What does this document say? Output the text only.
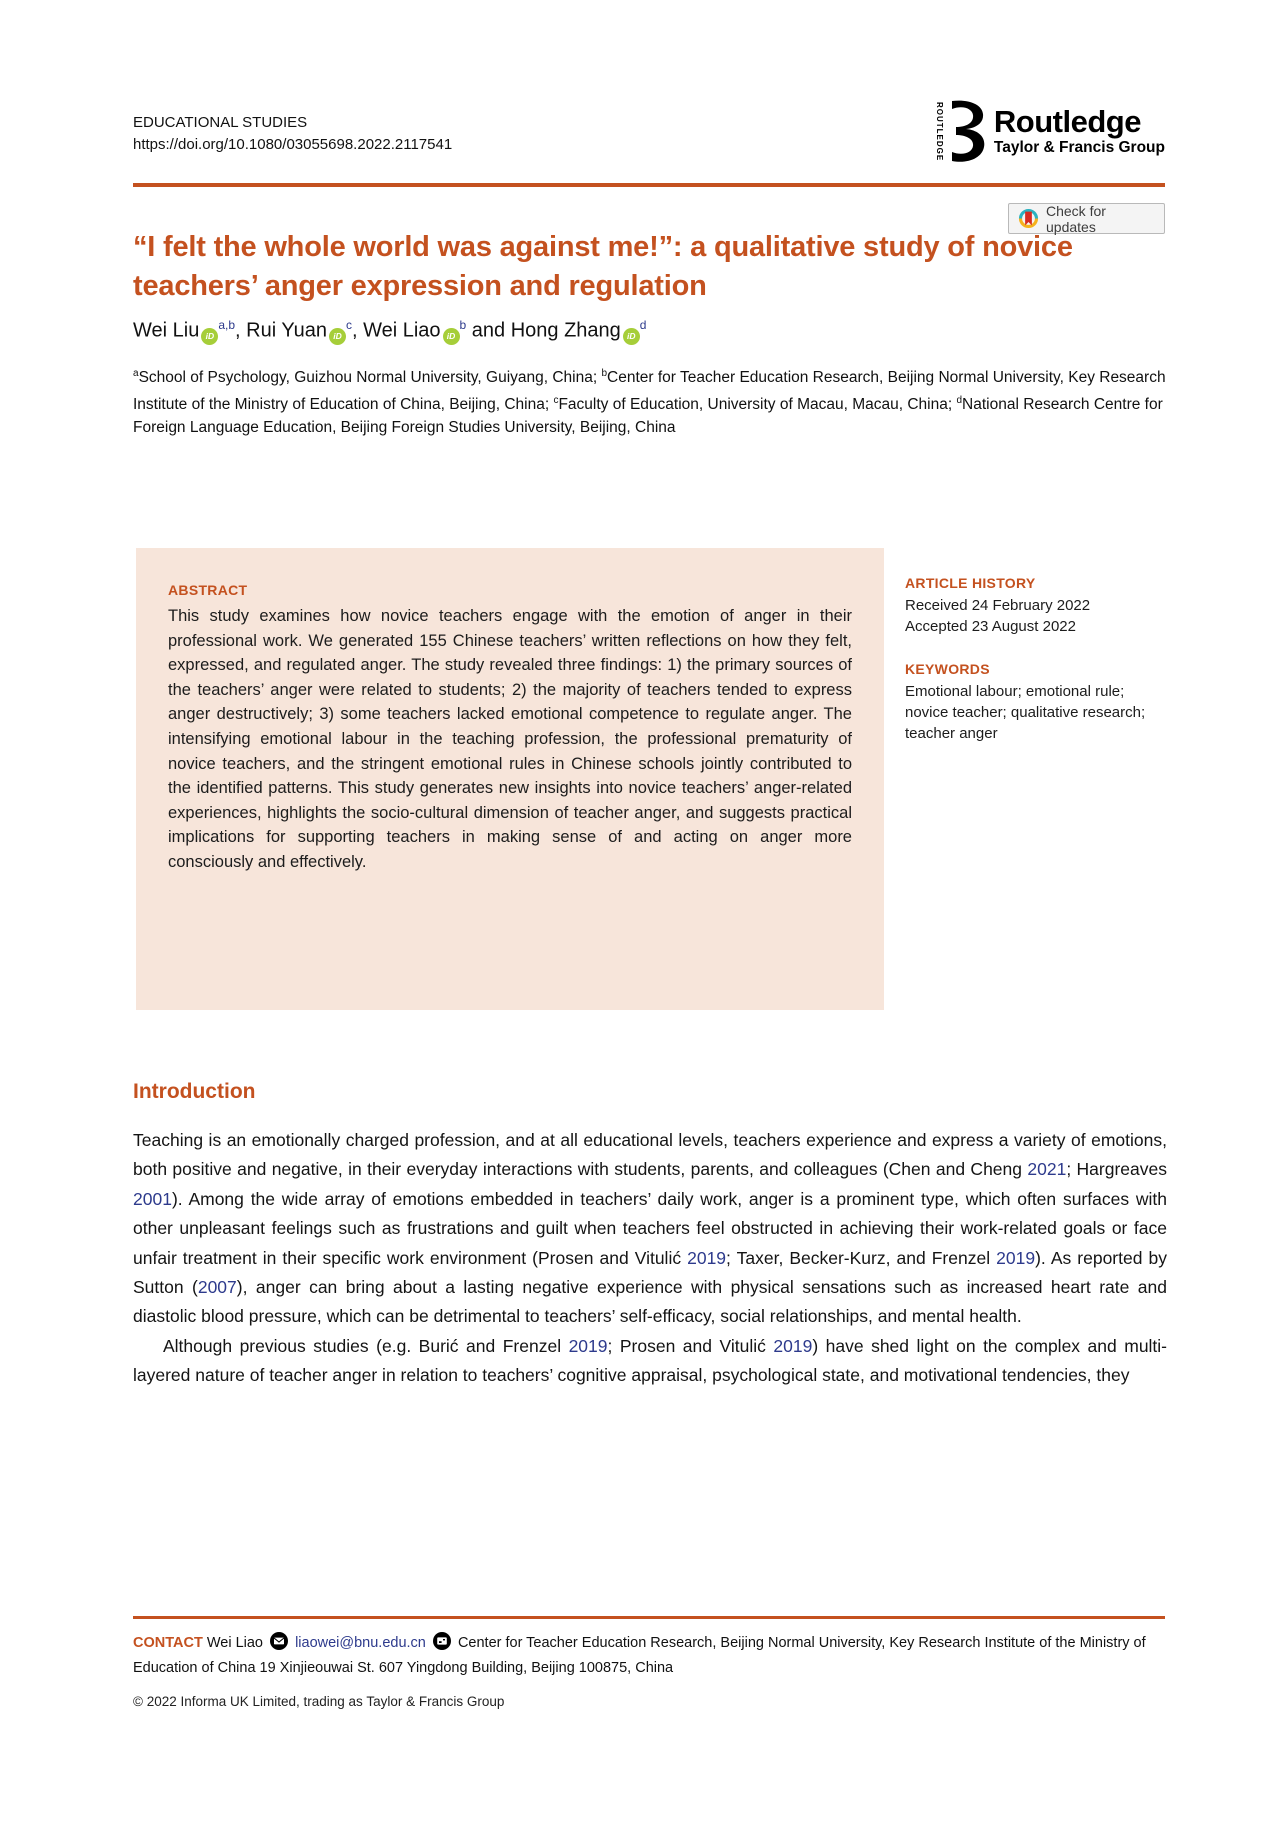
EDUCATIONAL STUDIES
https://doi.org/10.1080/03055698.2022.2117541	ROUTLEDGE Routledge
Taylor & Francis Group
Check for updates
“I felt the whole world was against me!”: a qualitative study of novice teachers’ anger expression and regulation
Wei Liu iD$^{a,b}$, Rui Yuan $iD^c$, Wei Liao $iD^b$ and Hong Zhang $iD^d$
$^a$School of Psychology, Guizhou Normal University, Guiyang, China; $^b$Center for Teacher Education Research, Beijing Normal University, Key Research Institute of the Ministry of Education of China, Beijing, China; $^c$Faculty of Education, University of Macau, Macau, China; $^d$National Research Centre for Foreign Language Education, Beijing Foreign Studies University, Beijing, China
ABSTRACT
This study examines how novice teachers engage with the emotion of anger in their professional work. We generated 155 Chinese teachers’ written reflections on how they felt, expressed, and regulated anger. The study revealed three findings: 1) the primary sources of the teachers’ anger were related to students; 2) the majority of teachers tended to express anger destructively; 3) some teachers lacked emotional competence to regulate anger. The intensifying emotional labour in the teaching profession, the professional prematurity of novice teachers, and the stringent emotional rules in Chinese schools jointly contributed to the identified patterns. This study generates new insights into novice teachers’ anger-related experiences, highlights the socio-cultural dimension of teacher anger, and suggests practical implications for supporting teachers in making sense of and acting on anger more consciously and effectively.
ARTICLE HISTORY
Received 24 February 2022
Accepted 23 August 2022
KEYWORDS
Emotional labour; emotional rule; novice teacher; qualitative research; teacher anger
Introduction

Teaching is an emotionally charged profession, and at all educational levels, teachers experience and express a variety of emotions, both positive and negative, in their everyday interactions with students, parents, and colleagues (Chen and Cheng 2021; Hargreaves 2001). Among the wide array of emotions embedded in teachers’ daily work, anger is a prominent type, which often surfaces with other unpleasant feelings such as frustrations and guilt when teachers feel obstructed in achieving their work-related goals or face unfair treatment in their specific work environment (Prosen and Vitulić 2019; Taxer, Becker-Kurz, and Frenzel 2019). As reported by Sutton (2007), anger can bring about a lasting negative experience with physical sensations such as increased heart rate and diastolic blood pressure, which can be detrimental to teachers’ self-efficacy, social relationships, and mental health.

Although previous studies (e.g. Burić and Frenzel 2019; Prosen and Vitulić 2019) have shed light on the complex and multi-layered nature of teacher anger in relation to teachers’ cognitive appraisal, psychological state, and motivational tendencies, they

CONTACT Wei Liao liaowei@bnu.edu.cn Center for Teacher Education Research, Beijing Normal University, Key Research Institute of the Ministry of Education of China 19 Xinjieouwai St. 607 Yingdong Building, Beijing 100875, China
© 2022 Informa UK Limited, trading as Taylor & Francis Group
